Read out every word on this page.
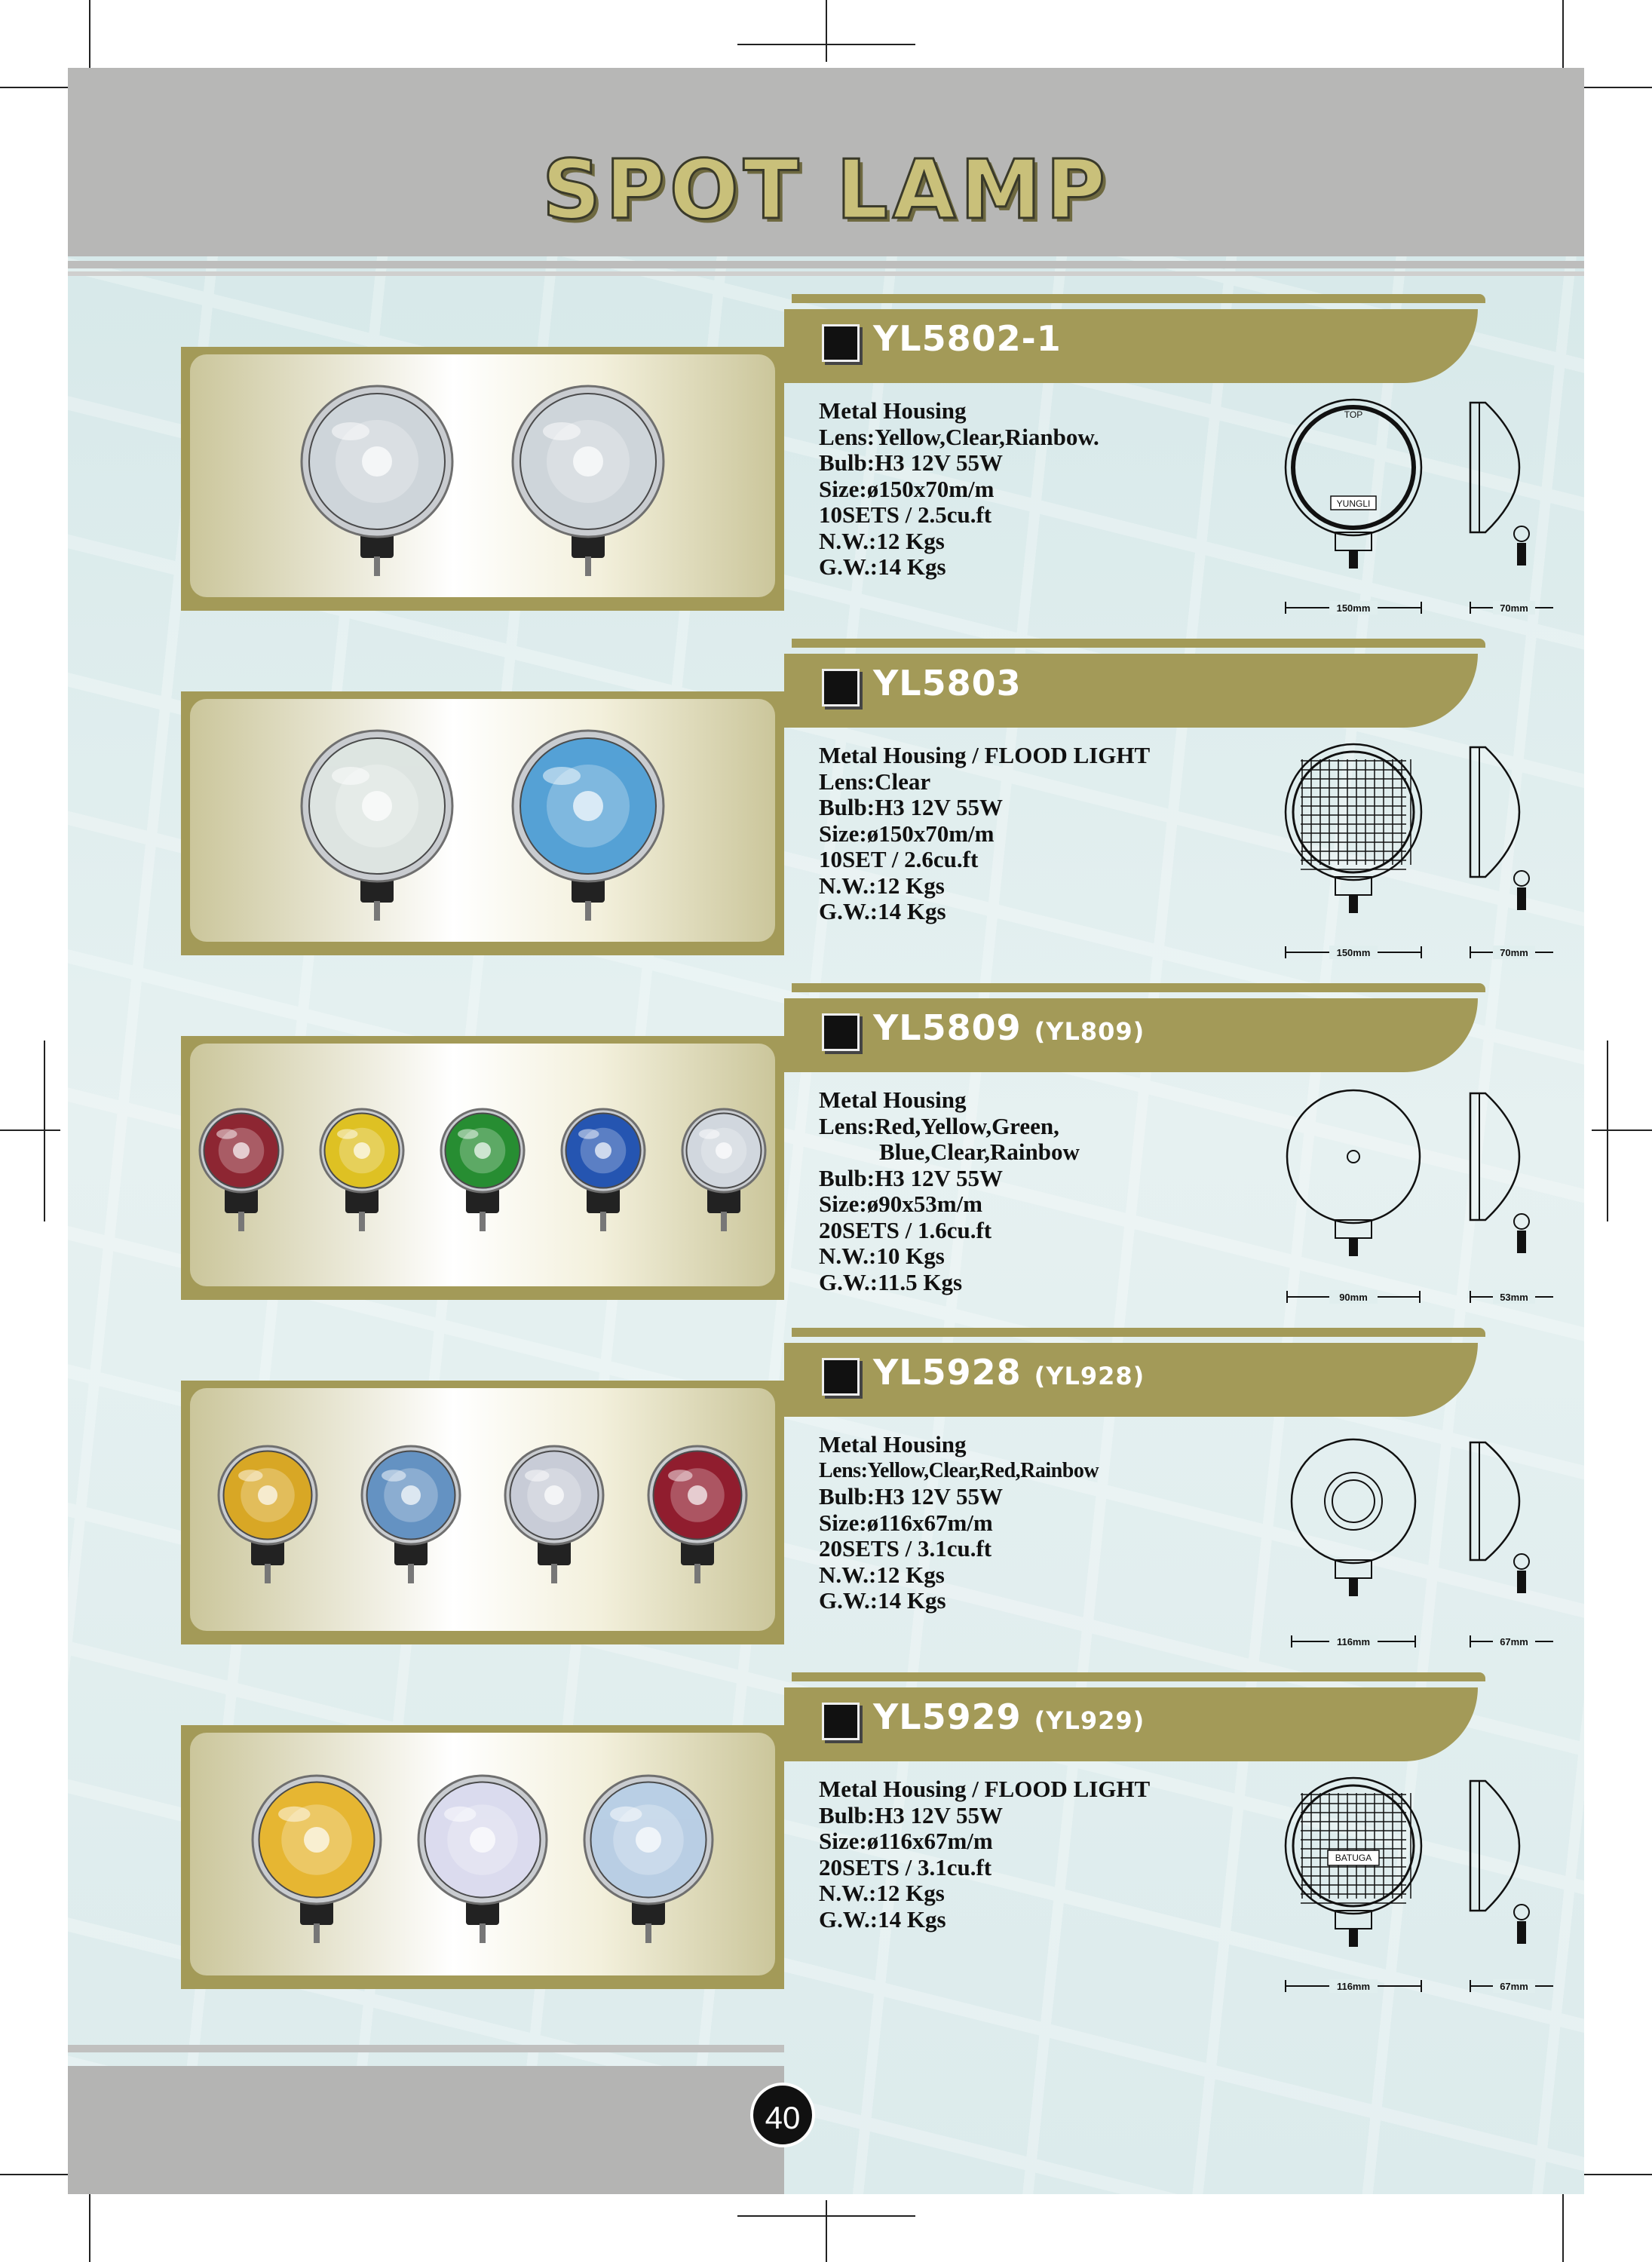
SPOT LAMP
YL5802-1
Metal Housing
Lens:Yellow,Clear,Rianbow.
Bulb:H3 12V 55W
Size:ø150x70m/m
10SETS / 2.5cu.ft
N.W.:12 Kgs
G.W.:14 Kgs
TOP
YUNGLI
150mm	70mm
YL5803
Metal Housing / FLOOD LIGHT
Lens:Clear
Bulb:H3 12V 55W
Size:ø150x70m/m
10SET / 2.6cu.ft
N.W.:12 Kgs
G.W.:14 Kgs
150mm	70mm
YL5809 (YL809)
Metal Housing
Lens:Red,Yellow,Green,
Blue,Clear,Rainbow
Bulb:H3 12V 55W
Size:ø90x53m/m
20SETS / 1.6cu.ft
N.W.:10 Kgs
G.W.:11.5 Kgs
90mm	53mm
YL5928 (YL928)
Metal Housing
Lens:Yellow,Clear,Red,Rainbow
Bulb:H3 12V 55W
Size:ø116x67m/m
20SETS / 3.1cu.ft
N.W.:12 Kgs
G.W.:14 Kgs
116mm	67mm
YL5929 (YL929)
Metal Housing / FLOOD LIGHT
Bulb:H3 12V 55W
Size:ø116x67m/m
20SETS / 3.1cu.ft
N.W.:12 Kgs
G.W.:14 Kgs
BATUGA
116mm	67mm
40
